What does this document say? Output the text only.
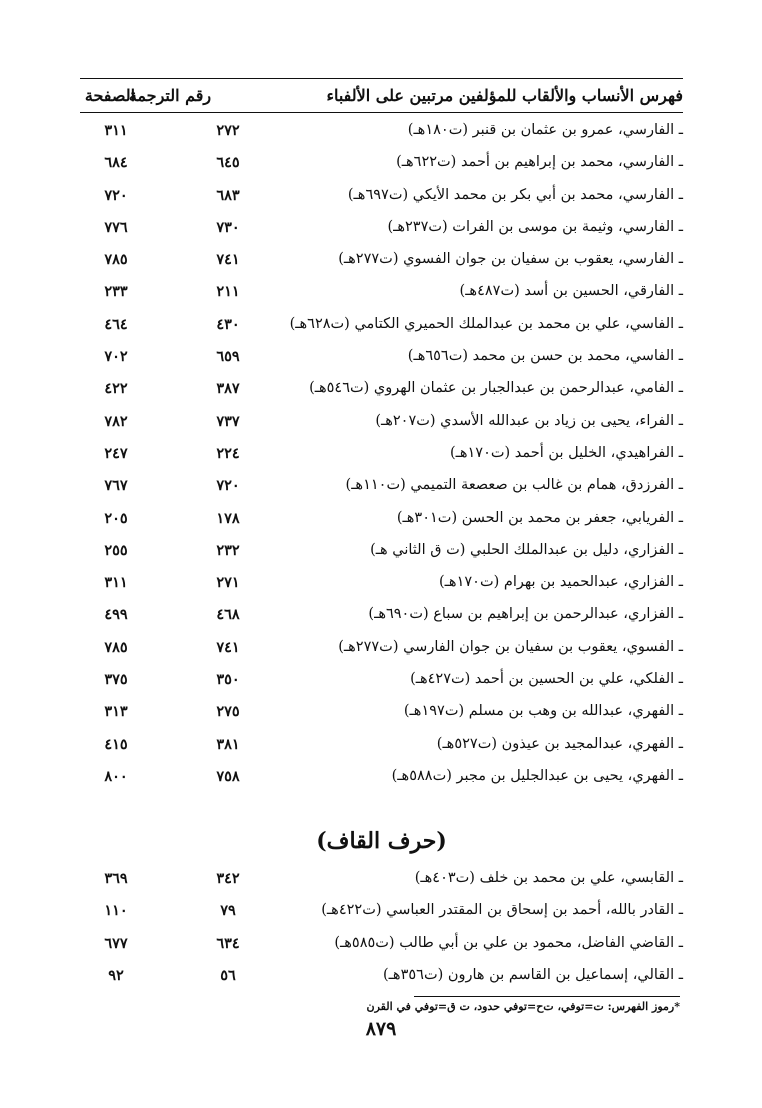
فهرس الأنساب والألقاب للمؤلفين مرتبين على الألفباء
رقم الترجمة
الصفحة
ـ الفارسي، عمرو بن عثمان بن قنبر (ت١٨٠هـ)
٢٧٢
٣١١
ـ الفارسي، محمد بن إبراهيم بن أحمد (ت٦٢٢هـ)
٦٤٥
٦٨٤
ـ الفارسي، محمد بن أبي بكر بن محمد الأيكي (ت٦٩٧هـ)
٦٨٣
٧٢٠
ـ الفارسي، وثيمة بن موسى بن الفرات (ت٢٣٧هـ)
٧٣٠
٧٧٦
ـ الفارسي، يعقوب بن سفيان بن جوان الفسوي (ت٢٧٧هـ)
٧٤١
٧٨٥
ـ الفارقي، الحسين بن أسد (ت٤٨٧هـ)
٢١١
٢٣٣
ـ الفاسي، علي بن محمد بن عبدالملك الحميري الكتامي (ت٦٢٨هـ)
٤٣٠
٤٦٤
ـ الفاسي، محمد بن حسن بن محمد (ت٦٥٦هـ)
٦٥٩
٧٠٢
ـ الفامي، عبدالرحمن بن عبدالجبار بن عثمان الهروي (ت٥٤٦هـ)
٣٨٧
٤٢٢
ـ الفراء، يحيى بن زياد بن عبدالله الأسدي (ت٢٠٧هـ)
٧٣٧
٧٨٢
ـ الفراهيدي، الخليل بن أحمد (ت١٧٠هـ)
٢٢٤
٢٤٧
ـ الفرزدق، همام بن غالب بن صعصعة التميمي (ت١١٠هـ)
٧٢٠
٧٦٧
ـ الفريابي، جعفر بن محمد بن الحسن (ت٣٠١هـ)
١٧٨
٢٠٥
ـ الفزاري، دليل بن عبدالملك الحلبي (ت ق الثاني هـ)
٢٣٢
٢٥٥
ـ الفزاري، عبدالحميد بن بهرام (ت١٧٠هـ)
٢٧١
٣١١
ـ الفزاري، عبدالرحمن بن إبراهيم بن سباع (ت٦٩٠هـ)
٤٦٨
٤٩٩
ـ الفسوي، يعقوب بن سفيان بن جوان الفارسي (ت٢٧٧هـ)
٧٤١
٧٨٥
ـ الفلكي، علي بن الحسين بن أحمد (ت٤٢٧هـ)
٣٥٠
٣٧٥
ـ الفهري، عبدالله بن وهب بن مسلم (ت١٩٧هـ)
٢٧٥
٣١٣
ـ الفهري، عبدالمجيد بن عيذون (ت٥٢٧هـ)
٣٨١
٤١٥
ـ الفهري، يحيى بن عبدالجليل بن مجبر (ت٥٨٨هـ)
٧٥٨
٨٠٠
(حرف القاف)
ـ القابسي، علي بن محمد بن خلف (ت٤٠٣هـ)
٣٤٢
٣٦٩
ـ القادر بالله، أحمد بن إسحاق بن المقتدر العباسي (ت٤٢٢هـ)
٧٩
١١٠
ـ القاضي الفاضل، محمود بن علي بن أبي طالب (ت٥٨٥هـ)
٦٣٤
٦٧٧
ـ القالي، إسماعيل بن القاسم بن هارون (ت٣٥٦هـ)
٥٦
٩٢
*رموز الفهرس: ت=توفي، ت‌ح=توفي حدود، ت ق=توفي في القرن
٨٧٩
